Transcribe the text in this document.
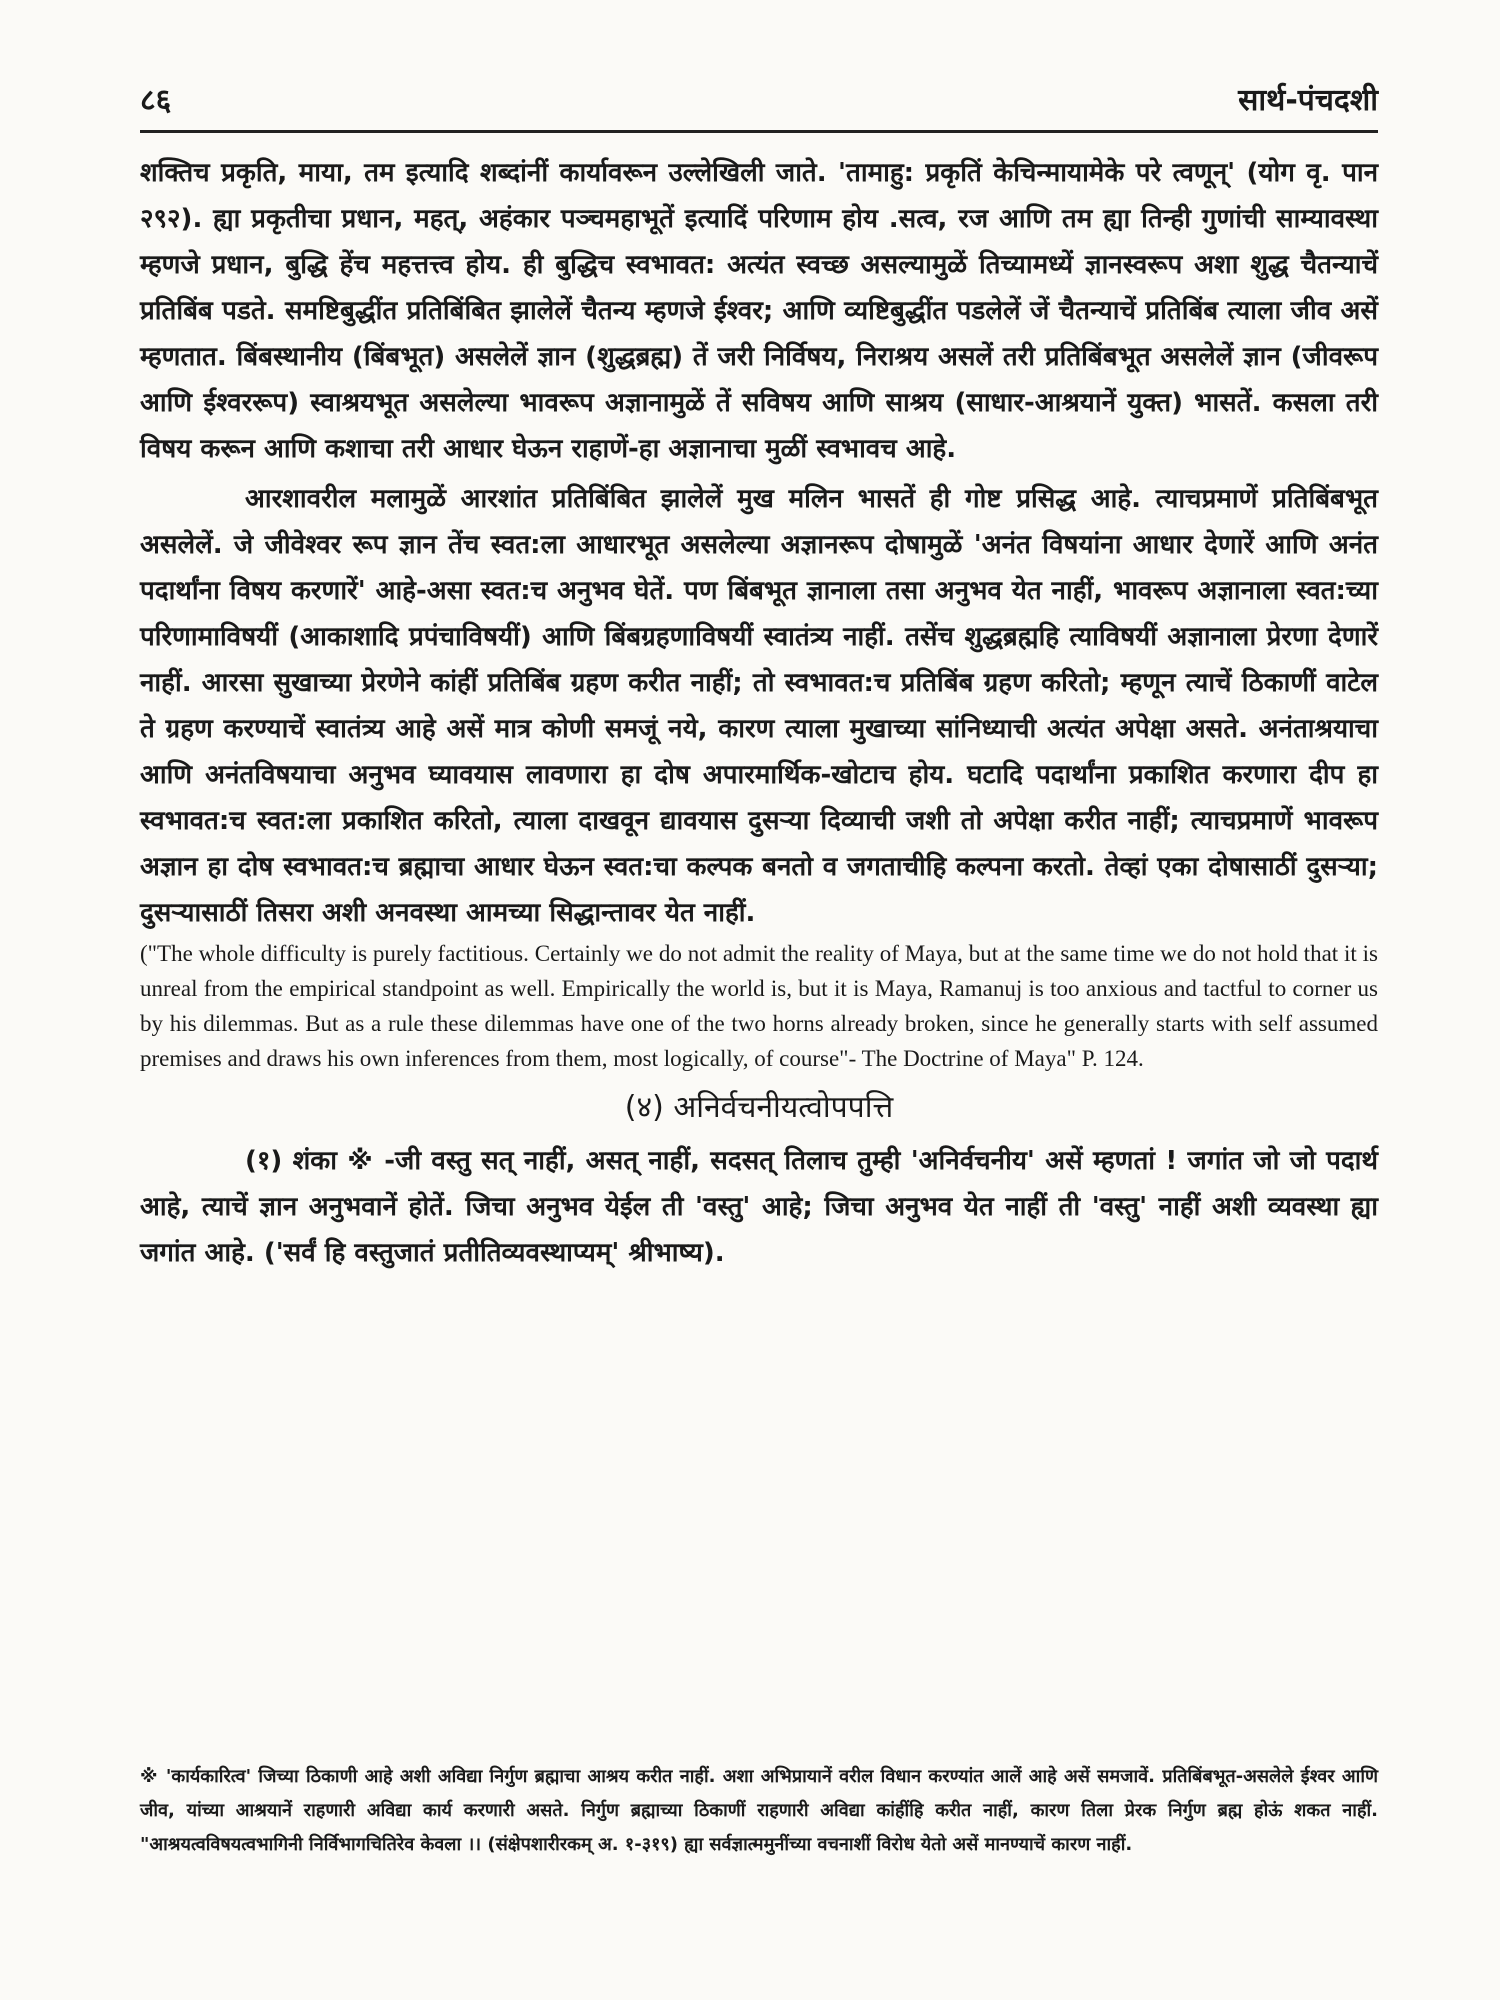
८६	सार्थ-पंचदशी

शक्तिच प्रकृति, माया, तम इत्यादि शब्दांनीं कार्यावरून उल्लेखिली जाते. 'तामाहु: प्रकृतिं केचिन्मायामेके परे त्वणून्' (योग वृ. पान २९२). ह्या प्रकृतीचा प्रधान, महत्, अहंकार पञ्चमहाभूतें इत्यादिं परिणाम होय .सत्व, रज आणि तम ह्या तिन्ही गुणांची साम्यावस्था म्हणजे प्रधान, बुद्धि हेंच महत्तत्त्व होय. ही बुद्धिच स्वभावत: अत्यंत स्वच्छ असल्यामुळें तिच्यामध्यें ज्ञानस्वरूप अशा शुद्ध चैतन्याचें प्रतिबिंब पडते. समष्टिबुद्धींत प्रतिबिंबित झालेलें चैतन्य म्हणजे ईश्वर; आणि व्यष्टिबुद्धींत पडलेलें जें चैतन्याचें प्रतिबिंब त्याला जीव असें म्हणतात. बिंबस्थानीय (बिंबभूत) असलेलें ज्ञान (शुद्धब्रह्म) तें जरी निर्विषय, निराश्रय असलें तरी प्रतिबिंबभूत असलेलें ज्ञान (जीवरूप आणि ईश्वररूप) स्वाश्रयभूत असलेल्या भावरूप अज्ञानामुळें तें सविषय आणि साश्रय (साधार-आश्रयानें युक्त) भासतें. कसला तरी विषय करून आणि कशाचा तरी आधार घेऊन राहाणें-हा अज्ञानाचा मुळीं स्वभावच आहे.

आरशावरील मलामुळें आरशांत प्रतिबिंबित झालेलें मुख मलिन भासतें ही गोष्ट प्रसिद्ध आहे. त्याचप्रमाणें प्रतिबिंबभूत असलेलें. जे जीवेश्वर रूप ज्ञान तेंच स्वत:ला आधारभूत असलेल्या अज्ञानरूप दोषामुळें 'अनंत विषयांना आधार देणारें आणि अनंत पदार्थांना विषय करणारें' आहे-असा स्वत:च अनुभव घेतें. पण बिंबभूत ज्ञानाला तसा अनुभव येत नाहीं, भावरूप अज्ञानाला स्वत:च्या परिणामाविषयीं (आकाशादि प्रपंचाविषयीं) आणि बिंबग्रहणाविषयीं स्वातंत्र्य नाहीं. तसेंच शुद्धब्रह्महि त्याविषयीं अज्ञानाला प्रेरणा देणारें नाहीं. आरसा सुखाच्या प्रेरणेने कांहीं प्रतिबिंब ग्रहण करीत नाहीं; तो स्वभावत:च प्रतिबिंब ग्रहण करितो; म्हणून त्याचें ठिकाणीं वाटेल ते ग्रहण करण्याचें स्वातंत्र्य आहे असें मात्र कोणी समजूं नये, कारण त्याला मुखाच्या सांनिध्याची अत्यंत अपेक्षा असते. अनंताश्रयाचा आणि अनंतविषयाचा अनुभव घ्यावयास लावणारा हा दोष अपारमार्थिक-खोटाच होय. घटादि पदार्थांना प्रकाशित करणारा दीप हा स्वभावत:च स्वत:ला प्रकाशित करितो, त्याला दाखवून द्यावयास दुसऱ्या दिव्याची जशी तो अपेक्षा करीत नाहीं; त्याचप्रमाणें भावरूप अज्ञान हा दोष स्वभावत:च ब्रह्माचा आधार घेऊन स्वत:चा कल्पक बनतो व जगताचीहि कल्पना करतो. तेव्हां एका दोषासाठीं दुसऱ्या; दुसऱ्यासाठीं तिसरा अशी अनवस्था आमच्या सिद्धान्तावर येत नाहीं.

("The whole difficulty is purely factitious. Certainly we do not admit the reality of Maya, but at the same time we do not hold that it is unreal from the empirical standpoint as well. Empirically the world is, but it is Maya, Ramanuj is too anxious and tactful to corner us by his dilemmas. But as a rule these dilemmas have one of the two horns already broken, since he generally starts with self assumed premises and draws his own inferences from them, most logically, of course"- The Doctrine of Maya" P. 124.

(४) अनिर्वचनीयत्वोपपत्ति

(१) शंका ※ -जी वस्तु सत् नाहीं, असत् नाहीं, सदसत् तिलाच तुम्ही 'अनिर्वचनीय' असें म्हणतां ! जगांत जो जो पदार्थ आहे, त्याचें ज्ञान अनुभवानें होतें. जिचा अनुभव येईल ती 'वस्तु' आहे; जिचा अनुभव येत नाहीं ती 'वस्तु' नाहीं अशी व्यवस्था ह्या जगांत आहे. ('सर्वं हि वस्तुजातं प्रतीतिव्यवस्थाप्यम्' श्रीभाष्य).

※ 'कार्यकारित्व' जिच्या ठिकाणी आहे अशी अविद्या निर्गुण ब्रह्माचा आश्रय करीत नाहीं. अशा अभिप्रायानें वरील विधान करण्यांत आलें आहे असें समजावें. प्रतिबिंबभूत-असलेले ईश्वर आणि जीव, यांच्या आश्रयानें राहणारी अविद्या कार्य करणारी असते. निर्गुण ब्रह्माच्या ठिकाणीं राहणारी अविद्या कांहींहि करीत नाहीं, कारण तिला प्रेरक निर्गुण ब्रह्म होऊं शकत नाहीं. "आश्रयत्वविषयत्वभागिनी निर्विभागचितिरेव केवला ।। (संक्षेपशारीरकम् अ. १-३१९) ह्या सर्वज्ञात्ममुनींच्या वचनाशीं विरोध येतो असें मानण्याचें कारण नाहीं.
